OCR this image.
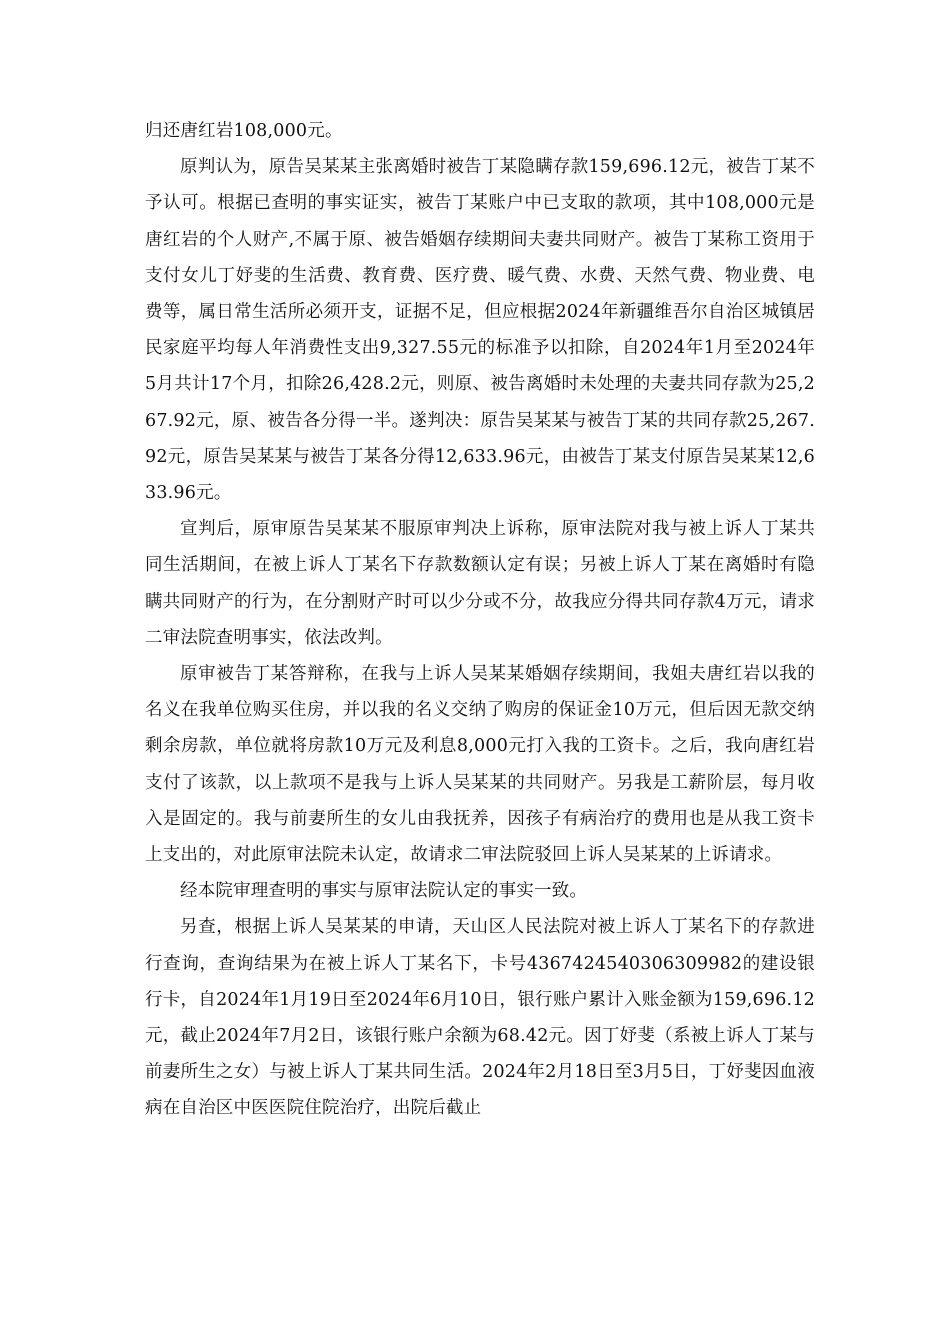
归还唐红岩108,000元。

原判认为，原告吴某某主张离婚时被告丁某隐瞒存款159,696.12元，被告丁某不予认可。根据已查明的事实证实，被告丁某账户中已支取的款项，其中108,000元是唐红岩的个人财产,不属于原、被告婚姻存续期间夫妻共同财产。被告丁某称工资用于支付女儿丁妤斐的生活费、教育费、医疗费、暖气费、水费、天然气费、物业费、电费等，属日常生活所必须开支，证据不足，但应根据2024年新疆维吾尔自治区城镇居民家庭平均每人年消费性支出9,327.55元的标准予以扣除，自2024年1月至2024年5月共计17个月，扣除26,428.2元，则原、被告离婚时未处理的夫妻共同存款为25,267.92元，原、被告各分得一半。遂判决：原告吴某某与被告丁某的共同存款25,267.92元，原告吴某某与被告丁某各分得12,633.96元，由被告丁某支付原告吴某某12,633.96元。

宣判后，原审原告吴某某不服原审判决上诉称，原审法院对我与被上诉人丁某共同生活期间，在被上诉人丁某名下存款数额认定有误；另被上诉人丁某在离婚时有隐瞒共同财产的行为，在分割财产时可以少分或不分，故我应分得共同存款4万元，请求二审法院查明事实，依法改判。

原审被告丁某答辩称，在我与上诉人吴某某婚姻存续期间，我姐夫唐红岩以我的名义在我单位购买住房，并以我的名义交纳了购房的保证金10万元，但后因无款交纳剩余房款，单位就将房款10万元及利息8,000元打入我的工资卡。之后，我向唐红岩支付了该款，以上款项不是我与上诉人吴某某的共同财产。另我是工薪阶层，每月收入是固定的。我与前妻所生的女儿由我抚养，因孩子有病治疗的费用也是从我工资卡上支出的，对此原审法院未认定，故请求二审法院驳回上诉人吴某某的上诉请求。

经本院审理查明的事实与原审法院认定的事实一致。

另查，根据上诉人吴某某的申请，天山区人民法院对被上诉人丁某名下的存款进行查询，查询结果为在被上诉人丁某名下，卡号4367424540306309982的建设银行卡，自2024年1月19日至2024年6月10日，银行账户累计入账金额为159,696.12元，截止2024年7月2日，该银行账户余额为68.42元。因丁妤斐（系被上诉人丁某与前妻所生之女）与被上诉人丁某共同生活。2024年2月18日至3月5日，丁妤斐因血液病在自治区中医医院住院治疗，出院后截止
